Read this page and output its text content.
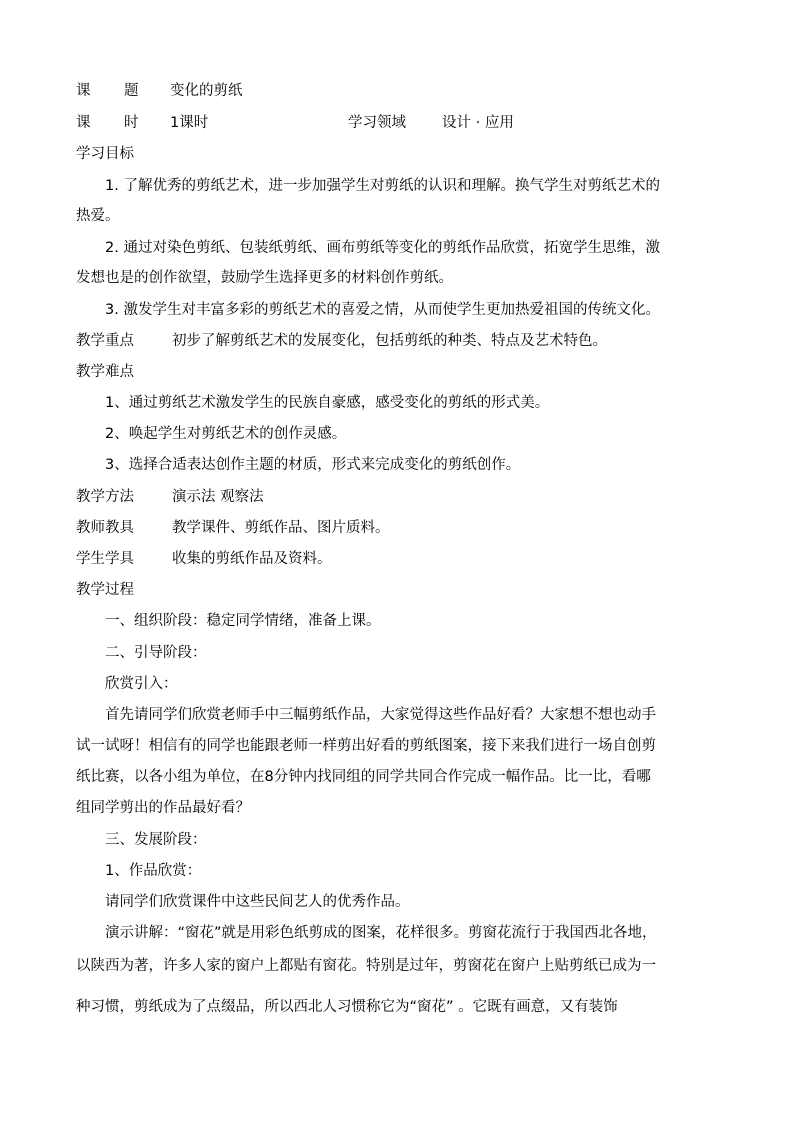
课 题 变化的剪纸
课 时 1课时	学习领域 设计 · 应用
学习目标
1. 了解优秀的剪纸艺术，进一步加强学生对剪纸的认识和理解。换气学生对剪纸艺术的
热爱。
2. 通过对染色剪纸、包装纸剪纸、画布剪纸等变化的剪纸作品欣赏，拓宽学生思维，激
发想也是的创作欲望，鼓励学生选择更多的材料创作剪纸。
3. 激发学生对丰富多彩的剪纸艺术的喜爱之情，从而使学生更加热爱祖国的传统文化。
教学重点	初步了解剪纸艺术的发展变化，包括剪纸的种类、特点及艺术特色。
教学难点
1、通过剪纸艺术激发学生的民族自豪感，感受变化的剪纸的形式美。
2、唤起学生对剪纸艺术的创作灵感。
3、选择合适表达创作主题的材质，形式来完成变化的剪纸创作。
教学方法	演示法 观察法
教师教具	教学课件、剪纸作品、图片质料。
学生学具	收集的剪纸作品及资料。
教学过程
一、组织阶段：稳定同学情绪，准备上课。
二、引导阶段：
欣赏引入：
首先请同学们欣赏老师手中三幅剪纸作品，大家觉得这些作品好看？大家想不想也动手
试一试呀！相信有的同学也能跟老师一样剪出好看的剪纸图案，接下来我们进行一场自创剪
纸比赛，以各小组为单位，在8分钟内找同组的同学共同合作完成一幅作品。比一比，看哪
组同学剪出的作品最好看？
三、发展阶段：
1、作品欣赏：
请同学们欣赏课件中这些民间艺人的优秀作品。
演示讲解：“窗花”就是用彩色纸剪成的图案，花样很多。剪窗花流行于我国西北各地，
以陕西为著，许多人家的窗户上都贴有窗花。特别是过年，剪窗花在窗户上贴剪纸已成为一
种习惯，剪纸成为了点缀品，所以西北人习惯称它为“窗花” 。它既有画意，又有装饰
